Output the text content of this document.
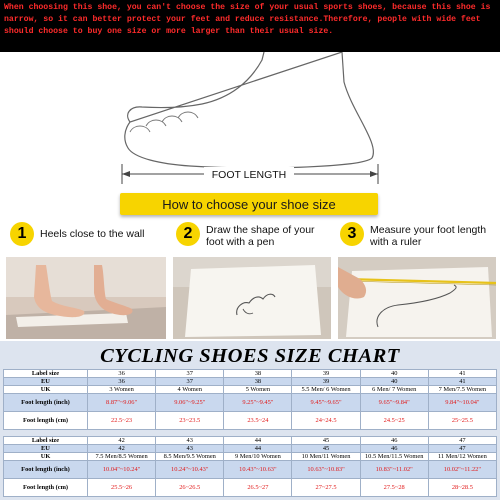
When choosing this shoe, you can't choose the size of your usual sports shoes, because this shoe is narrow, so it can better protect your feet and reduce resistance.Therefore, people with wide feet should choose to buy one size or more larger than their usual size.
FOOT LENGTH
How to choose your shoe size
1	Heels close to the wall	2	Draw the shape of your foot with a pen	3	Measure your foot length with a ruler
CYCLING SHOES SIZE CHART
Label size	36	37	38	39	40	41
EU	36	37	38	39	40	41
UK	3 Women	4 Women	5 Women	5.5 Men/ 6 Women	6 Men/ 7 Women	7 Men/7.5 Women
Foot length (inch)	8.87"~9.06"	9.06"~9.25"	9.25"~9.45"	9.45"~9.65"	9.65"~9.84"	9.84"~10.04"
Foot length (cm)	22.5~23	23~23.5	23.5~24	24~24.5	24.5~25	25~25.5
Label size	42	43	44	45	46	47
EU	42	43	44	45	46	47
UK	7.5 Men/8.5 Women	8.5 Men/9.5 Women	9 Men/10 Women	10 Men/11 Women	10.5 Men/11.5 Women	11 Men/12 Women
Foot length (inch)	10.04"~10.24"	10.24"~10.43"	10.43"~10.63"	10.63"~10.83"	10.83"~11.02"	10.02"~11.22"
Foot length (cm)	25.5~26	26~26.5	26.5~27	27~27.5	27.5~28	28~28.5
